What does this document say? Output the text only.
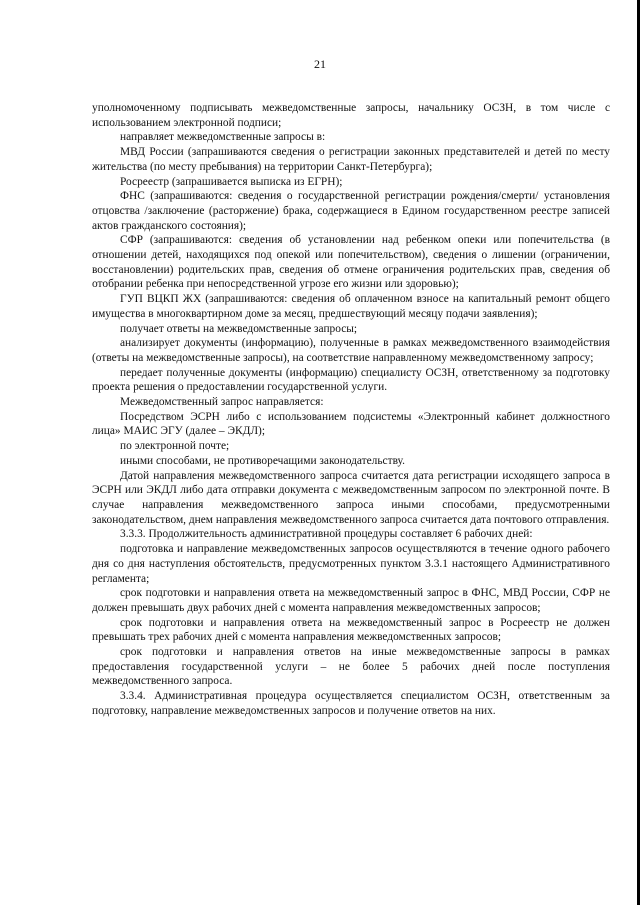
21

уполномоченному подписывать межведомственные запросы, начальнику ОСЗН, в том числе с использованием электронной подписи;

направляет межведомственные запросы в:

МВД России (запрашиваются сведения о регистрации законных представителей и детей по месту жительства (по месту пребывания) на территории Санкт-Петербурга);

Росреестр (запрашивается выписка из ЕГРН);

ФНС (запрашиваются: сведения о государственной регистрации рождения/смерти/ установления отцовства /заключение (расторжение) брака, содержащиеся в Едином государственном реестре записей актов гражданского состояния);

СФР (запрашиваются: сведения об установлении над ребенком опеки или попечительства (в отношении детей, находящихся под опекой или попечительством), сведения о лишении (ограничении, восстановлении) родительских прав, сведения об отмене ограничения родительских прав, сведения об отобрании ребенка при непосредственной угрозе его жизни или здоровью);

ГУП ВЦКП ЖХ (запрашиваются: сведения об оплаченном взносе на капитальный ремонт общего имущества в многоквартирном доме за месяц, предшествующий месяцу подачи заявления);

получает ответы на межведомственные запросы;

анализирует документы (информацию), полученные в рамках межведомственного взаимодействия (ответы на межведомственные запросы), на соответствие направленному межведомственному запросу;

передает полученные документы (информацию) специалисту ОСЗН, ответственному за подготовку проекта решения о предоставлении государственной услуги.

Межведомственный запрос направляется:

Посредством ЭСРН либо с использованием подсистемы «Электронный кабинет должностного лица» МАИС ЭГУ (далее – ЭКДЛ);

по электронной почте;

иными способами, не противоречащими законодательству.

Датой направления межведомственного запроса считается дата регистрации исходящего запроса в ЭСРН или ЭКДЛ либо дата отправки документа с межведомственным запросом по электронной почте. В случае направления межведомственного запроса иными способами, предусмотренными законодательством, днем направления межведомственного запроса считается дата почтового отправления.

3.3.3. Продолжительность административной процедуры составляет 6 рабочих дней:

подготовка и направление межведомственных запросов осуществляются в течение одного рабочего дня со дня наступления обстоятельств, предусмотренных пунктом 3.3.1 настоящего Административного регламента;

срок подготовки и направления ответа на межведомственный запрос в ФНС, МВД России, СФР не должен превышать двух рабочих дней с момента направления межведомственных запросов;

срок подготовки и направления ответа на межведомственный запрос в Росреестр не должен превышать трех рабочих дней с момента направления межведомственных запросов;

срок подготовки и направления ответов на иные межведомственные запросы в рамках предоставления государственной услуги – не более 5 рабочих дней после поступления межведомственного запроса.

3.3.4. Административная процедура осуществляется специалистом ОСЗН, ответственным за подготовку, направление межведомственных запросов и получение ответов на них.
